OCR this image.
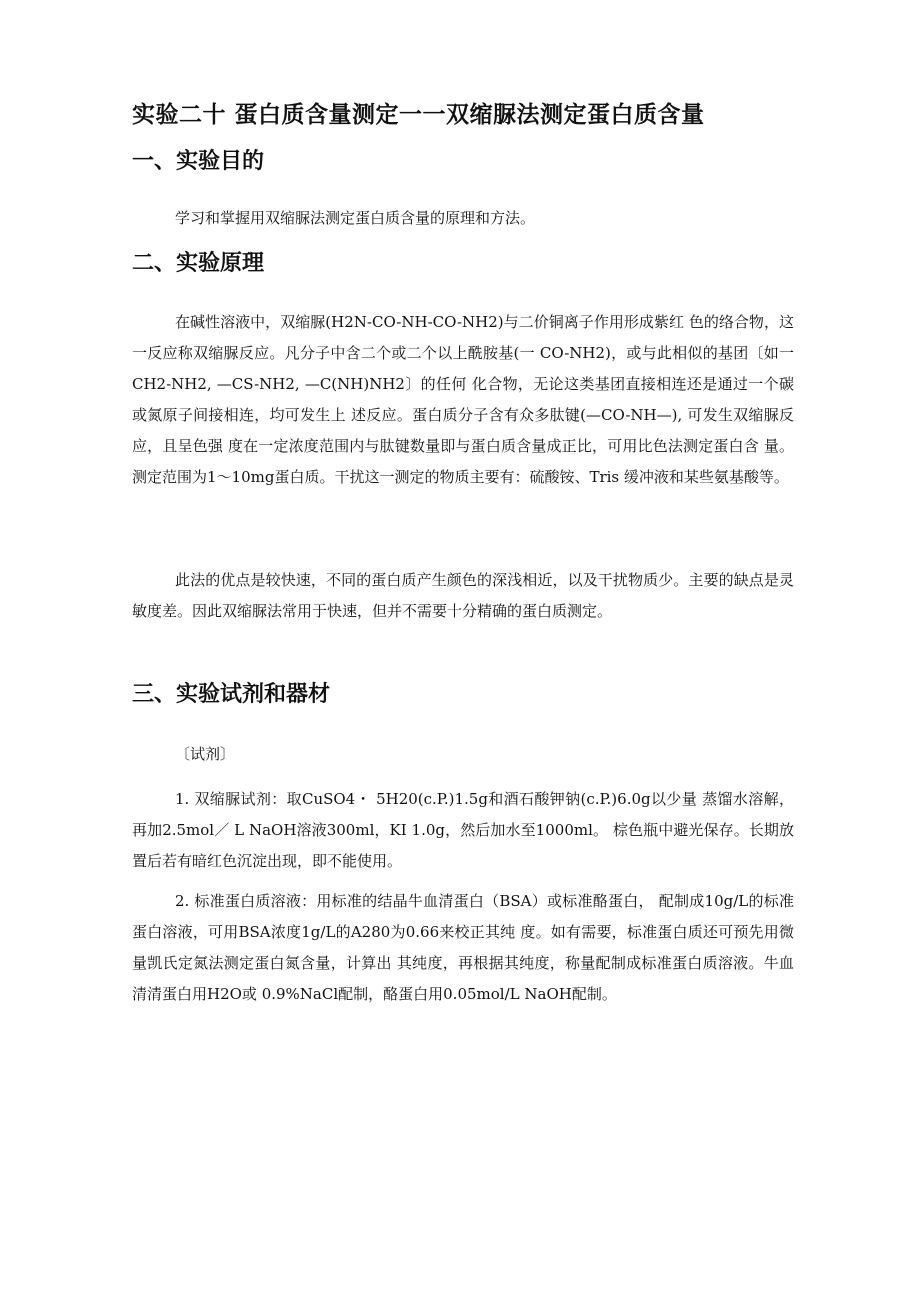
实验二十 蛋白质含量测定一一双缩脲法测定蛋白质含量
一、实验目的

学习和掌握用双缩脲法测定蛋白质含量的原理和方法。

二、实验原理

在碱性溶液中，双缩脲(H2N-CO-NH-CO-NH2)与二价铜离子作用形成紫红 色的络合物，这一反应称双缩脲反应。凡分子中含二个或二个以上酰胺基(一 CO-NH2)，或与此相似的基团〔如一CH2-NH2, —CS-NH2, —C(NH)NH2〕的任何 化合物，无论这类基团直接相连还是通过一个碳或氮原子间接相连，均可发生上 述反应。蛋白质分子含有众多肽键(—CO-NH—), 可发生双缩脲反应，且呈色强 度在一定浓度范围内与肽键数量即与蛋白质含量成正比，可用比色法测定蛋白含 量。测定范围为1〜10mg蛋白质。干扰这一测定的物质主要有：硫酸铵、Tris 缓冲液和某些氨基酸等。

此法的优点是较快速，不同的蛋白质产生颜色的深浅相近，以及干扰物质少。主要的缺点是灵敏度差。因此双缩脲法常用于快速，但并不需要十分精确的蛋白质测定。

三、实验试剂和器材

〔试剂〕

1. 双缩脲试剂：取CuSO4・ 5H20(c.P.)1.5g和酒石酸钾钠(c.P.)6.0g以少量 蒸馏水溶解，再加2.5mol／ L NaOH溶液300ml，KI 1.0g，然后加水至1000ml。 棕色瓶中避光保存。长期放置后若有暗红色沉淀出现，即不能使用。

2. 标准蛋白质溶液：用标准的结晶牛血清蛋白（BSA）或标准酪蛋白， 配制成10g/L的标准蛋白溶液，可用BSA浓度1g/L的A280为0.66来校正其纯 度。如有需要，标准蛋白质还可预先用微量凯氏定氮法测定蛋白氮含量，计算出 其纯度，再根据其纯度，称量配制成标准蛋白质溶液。牛血清清蛋白用H2O或 0.9%NaCl配制，酪蛋白用0.05mol/L NaOH配制。
